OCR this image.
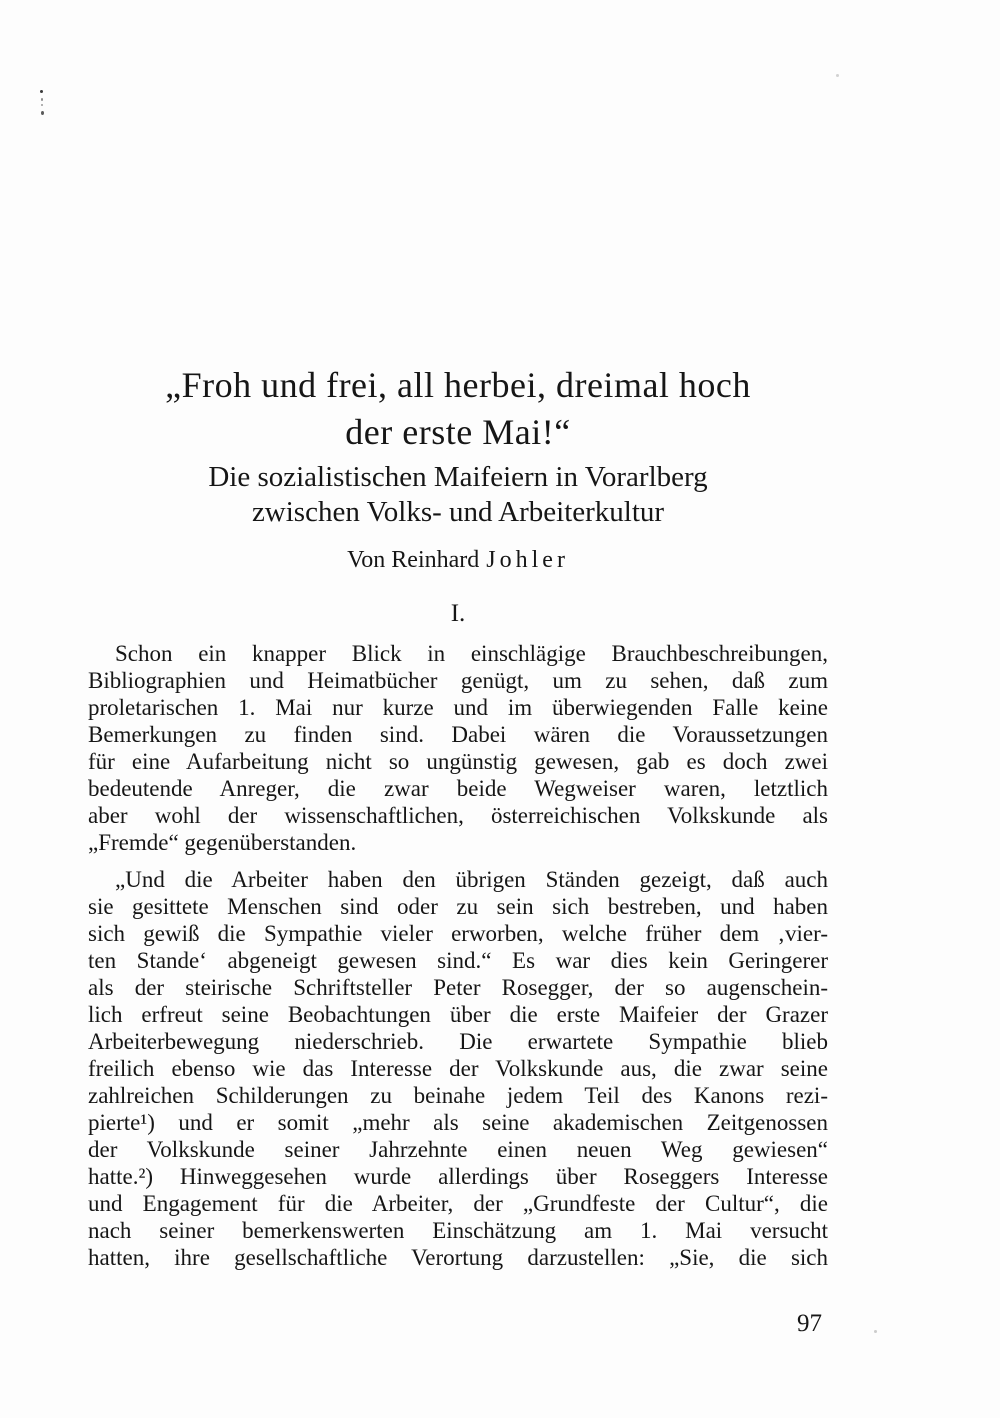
„Froh und frei, all herbei, dreimal hoch
der erste Mai!“
Die sozialistischen Maifeiern in Vorarlberg
zwischen Volks- und Arbeiterkultur
Von Reinhard Johler
I.
Schon ein knapper Blick in einschlägige Brauchbeschreibungen,
Bibliographien und Heimatbücher genügt, um zu sehen, daß zum
proletarischen 1. Mai nur kurze und im überwiegenden Falle keine
Bemerkungen zu finden sind. Dabei wären die Voraussetzungen
für eine Aufarbeitung nicht so ungünstig gewesen, gab es doch zwei
bedeutende Anreger, die zwar beide Wegweiser waren, letztlich
aber wohl der wissenschaftlichen, österreichischen Volkskunde als
„Fremde“ gegenüberstanden.
„Und die Arbeiter haben den übrigen Ständen gezeigt, daß auch
sie gesittete Menschen sind oder zu sein sich bestreben, und haben
sich gewiß die Sympathie vieler erworben, welche früher dem ‚vier-
ten Stande‘ abgeneigt gewesen sind.“ Es war dies kein Geringerer
als der steirische Schriftsteller Peter Rosegger, der so augenschein-
lich erfreut seine Beobachtungen über die erste Maifeier der Grazer
Arbeiterbewegung niederschrieb. Die erwartete Sympathie blieb
freilich ebenso wie das Interesse der Volkskunde aus, die zwar seine
zahlreichen Schilderungen zu beinahe jedem Teil des Kanons rezi-
pierte¹) und er somit „mehr als seine akademischen Zeitgenossen
der Volkskunde seiner Jahrzehnte einen neuen Weg gewiesen“
hatte.²) Hinweggesehen wurde allerdings über Roseggers Interesse
und Engagement für die Arbeiter, der „Grundfeste der Cultur“, die
nach seiner bemerkenswerten Einschätzung am 1. Mai versucht
hatten, ihre gesellschaftliche Verortung darzustellen: „Sie, die sich
97
